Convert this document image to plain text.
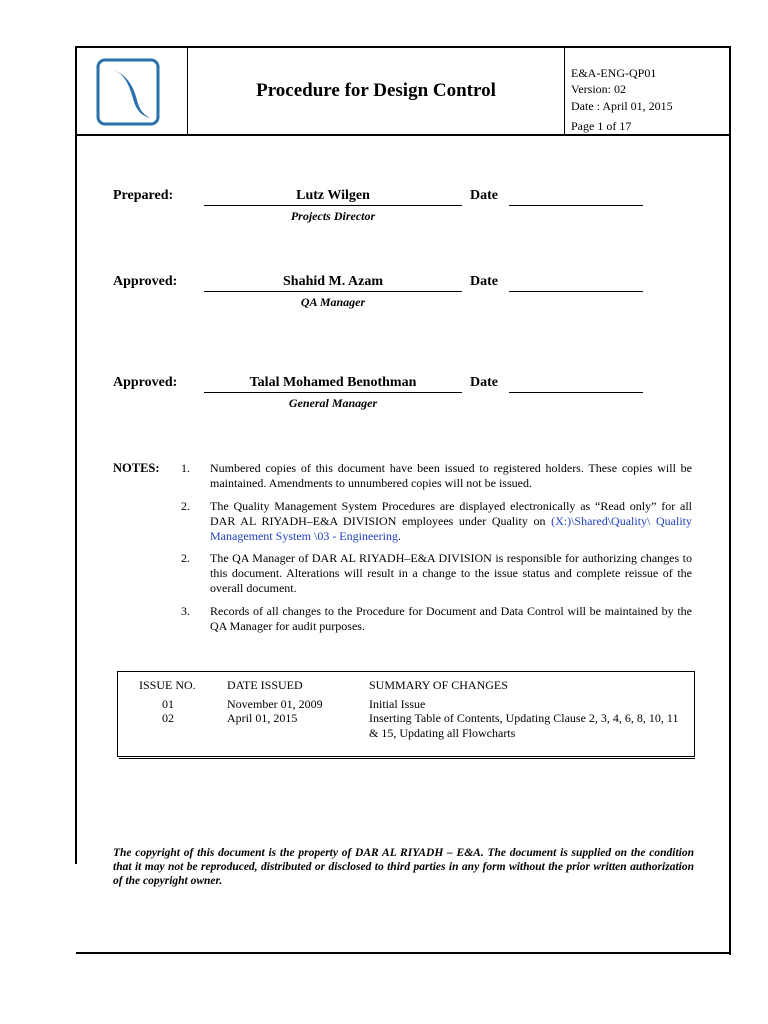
Procedure for Design Control
E&A-ENG-QP01
Version: 02
Date : April 01, 2015
Page 1 of 17
Prepared:	Lutz Wilgen
Projects Director
Date
Approved:	Shahid M. Azam
QA Manager
Date
Approved:	Talal Mohamed Benothman
General Manager
Date
NOTES: 1. Numbered copies of this document have been issued to registered holders. These copies will be maintained. Amendments to unnumbered copies will not be issued.
2. The Quality Management System Procedures are displayed electronically as “Read only” for all DAR AL RIYADH–E&A DIVISION employees under Quality on (X:)\Shared\Quality\ Quality Management System \03 - Engineering.
2. The QA Manager of DAR AL RIYADH–E&A DIVISION is responsible for authorizing changes to this document. Alterations will result in a change to the issue status and complete reissue of the overall document.
3. Records of all changes to the Procedure for Document and Data Control will be maintained by the QA Manager for audit purposes.
ISSUE NO.	DATE ISSUED	SUMMARY OF CHANGES
01	November 01, 2009	Initial Issue
02	April 01, 2015	Inserting Table of Contents, Updating Clause 2, 3, 4, 6, 8, 10, 11 & 15, Updating all Flowcharts
The copyright of this document is the property of DAR AL RIYADH – E&A. The document is supplied on the condition that it may not be reproduced, distributed or disclosed to third parties in any form without the prior written authorization of the copyright owner.
